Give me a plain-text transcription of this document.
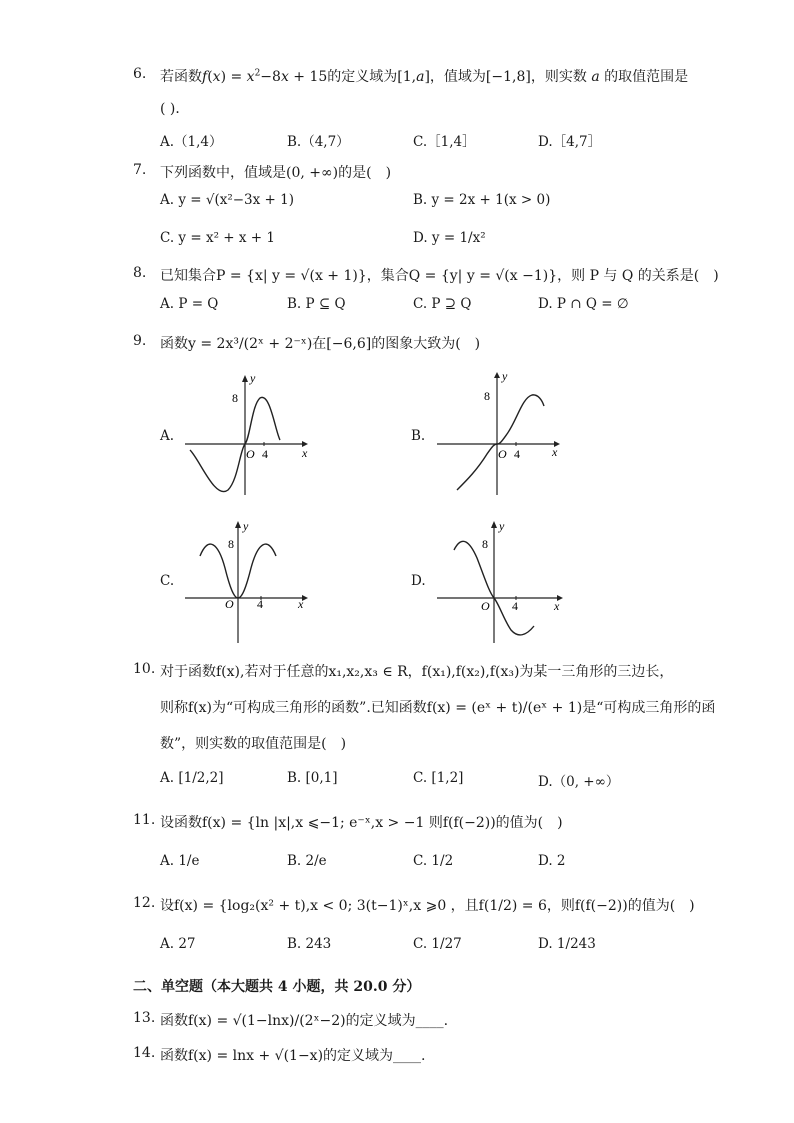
6. 若函数$f(x) = x^2-8x + 15$的定义域为[1,a]，值域为[−1,8]，则实数 a 的取值范围是
( )．
A.（1,4）	B.（4,7）	C.［1,4］	D.［4,7］
7. 下列函数中，值域是(0, +∞)的是(　)
A. y = √(x²−3x + 1)	B. y = 2x + 1(x > 0)
C. y = x² + x + 1	D. y = 1/x²
8. 已知集合P = {x| y = √(x + 1)}，集合Q = {y| y = √(x −1)}，则 P 与 Q 的关系是(　)
A. P = Q	B. P ⊆ Q	C. P ⊇ Q	D. P ∩ Q = ∅
9. 函数y = 2x³/(2ˣ + 2⁻ˣ)在[−6,6]的图象大致为(　)
A.	B.
C.	D.
y
x
O
8
4
y
x
O
8
4
y
x
O
8
4
y
x
O
8
4
10. 对于函数f(x),若对于任意的x₁,x₂,x₃ ∈ R，f(x₁),f(x₂),f(x₃)为某一三角形的三边长，
则称f(x)为“可构成三角形的函数”.已知函数f(x) = (eˣ + t)/(eˣ + 1)是“可构成三角形的函
数”，则实数的取值范围是(　)
A. [1/2,2]	B. [0,1]	C. [1,2]	D.（0, +∞）
11. 设函数f(x) = {ln |x|,x ⩽−1; e⁻ˣ,x > −1 则f(f(−2))的值为(　)
A. 1/e	B. 2/e	C. 1/2	D. 2
12. 设f(x) = {log₂(x² + t),x < 0; 3(t−1)ˣ,x ⩾0 ，且f(1/2) = 6，则f(f(−2))的值为(　)
A. 27	B. 243	C. 1/27	D. 1/243
二、单空题（本大题共 4 小题，共 20.0 分）
13. 函数f(x) = √(1−lnx)/(2ˣ−2)的定义域为____.
14. 函数f(x) = lnx + √(1−x)的定义域为____.
